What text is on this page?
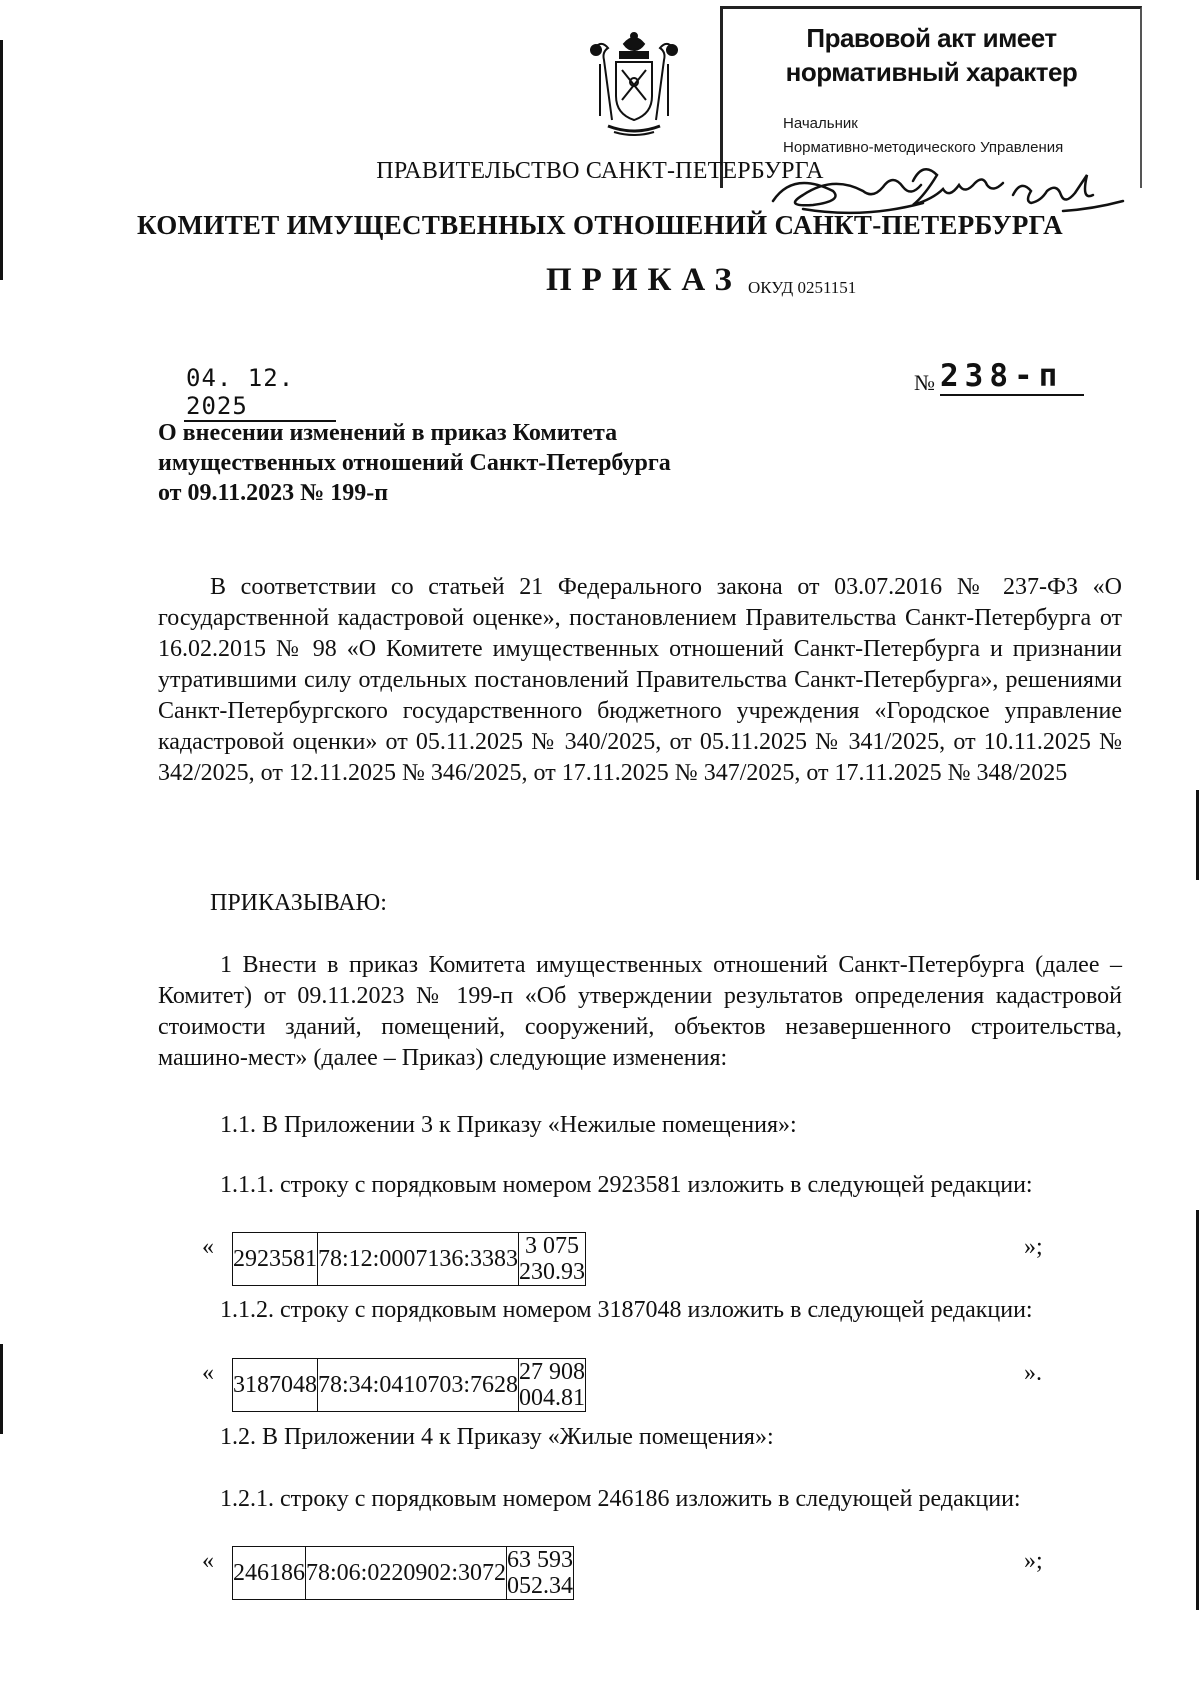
Правовой акт имеет
нормативный характер
Начальник
Нормативно-методического Управления
ПРАВИТЕЛЬСТВО САНКТ-ПЕТЕРБУРГА
КОМИТЕТ ИМУЩЕСТВЕННЫХ ОТНОШЕНИЙ САНКТ-ПЕТЕРБУРГА
ПРИКАЗ ОКУД 0251151
04. 12. 2025
№ 238-п
О внесении изменений в приказ Комитета
имущественных отношений Санкт-Петербурга
от 09.11.2023 № 199-п
В соответствии со статьей 21 Федерального закона от 03.07.2016 № 237-ФЗ «О государственной кадастровой оценке», постановлением Правительства Санкт-Петербурга от 16.02.2015 № 98 «О Комитете имущественных отношений Санкт-Петербурга и признании утратившими силу отдельных постановлений Правительства Санкт-Петербурга», решениями Санкт-Петербургского государственного бюджетного учреждения «Городское управление кадастровой оценки» от 05.11.2025 № 340/2025, от 05.11.2025 № 341/2025, от 10.11.2025 № 342/2025, от 12.11.2025 № 346/2025, от 17.11.2025 № 347/2025, от 17.11.2025 № 348/2025
ПРИКАЗЫВАЮ:
1 Внести в приказ Комитета имущественных отношений Санкт-Петербурга (далее – Комитет) от 09.11.2023 № 199-п «Об утверждении результатов определения кадастровой стоимости зданий, помещений, сооружений, объектов незавершенного строительства, машино-мест» (далее – Приказ) следующие изменения:
1.1. В Приложении 3 к Приказу «Нежилые помещения»:
1.1.1. строку с порядковым номером 2923581 изложить в следующей редакции:
« 2923581	78:12:0007136:3383	3 075 230.93
»;
1.1.2. строку с порядковым номером 3187048 изложить в следующей редакции:
« 3187048	78:34:0410703:7628	27 908 004.81
».
1.2. В Приложении 4 к Приказу «Жилые помещения»:
1.2.1. строку с порядковым номером 246186 изложить в следующей редакции:
« 246186	78:06:0220902:3072	63 593 052.34
»;
